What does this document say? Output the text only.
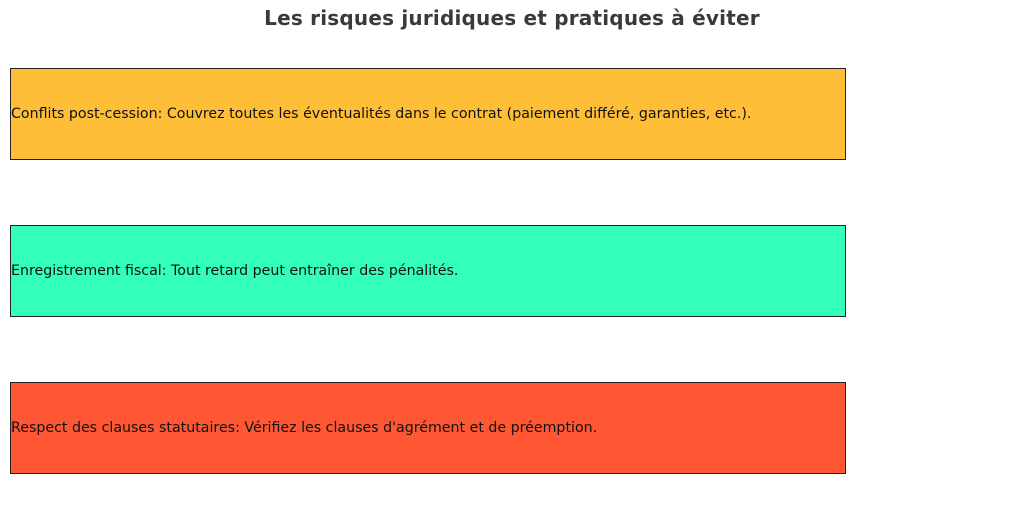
Les risques juridiques et pratiques à éviter
Conflits post-cession: Couvrez toutes les éventualités dans le contrat (paiement différé, garanties, etc.).
Enregistrement fiscal: Tout retard peut entraîner des pénalités.
Respect des clauses statutaires: Vérifiez les clauses d'agrément et de préemption.
